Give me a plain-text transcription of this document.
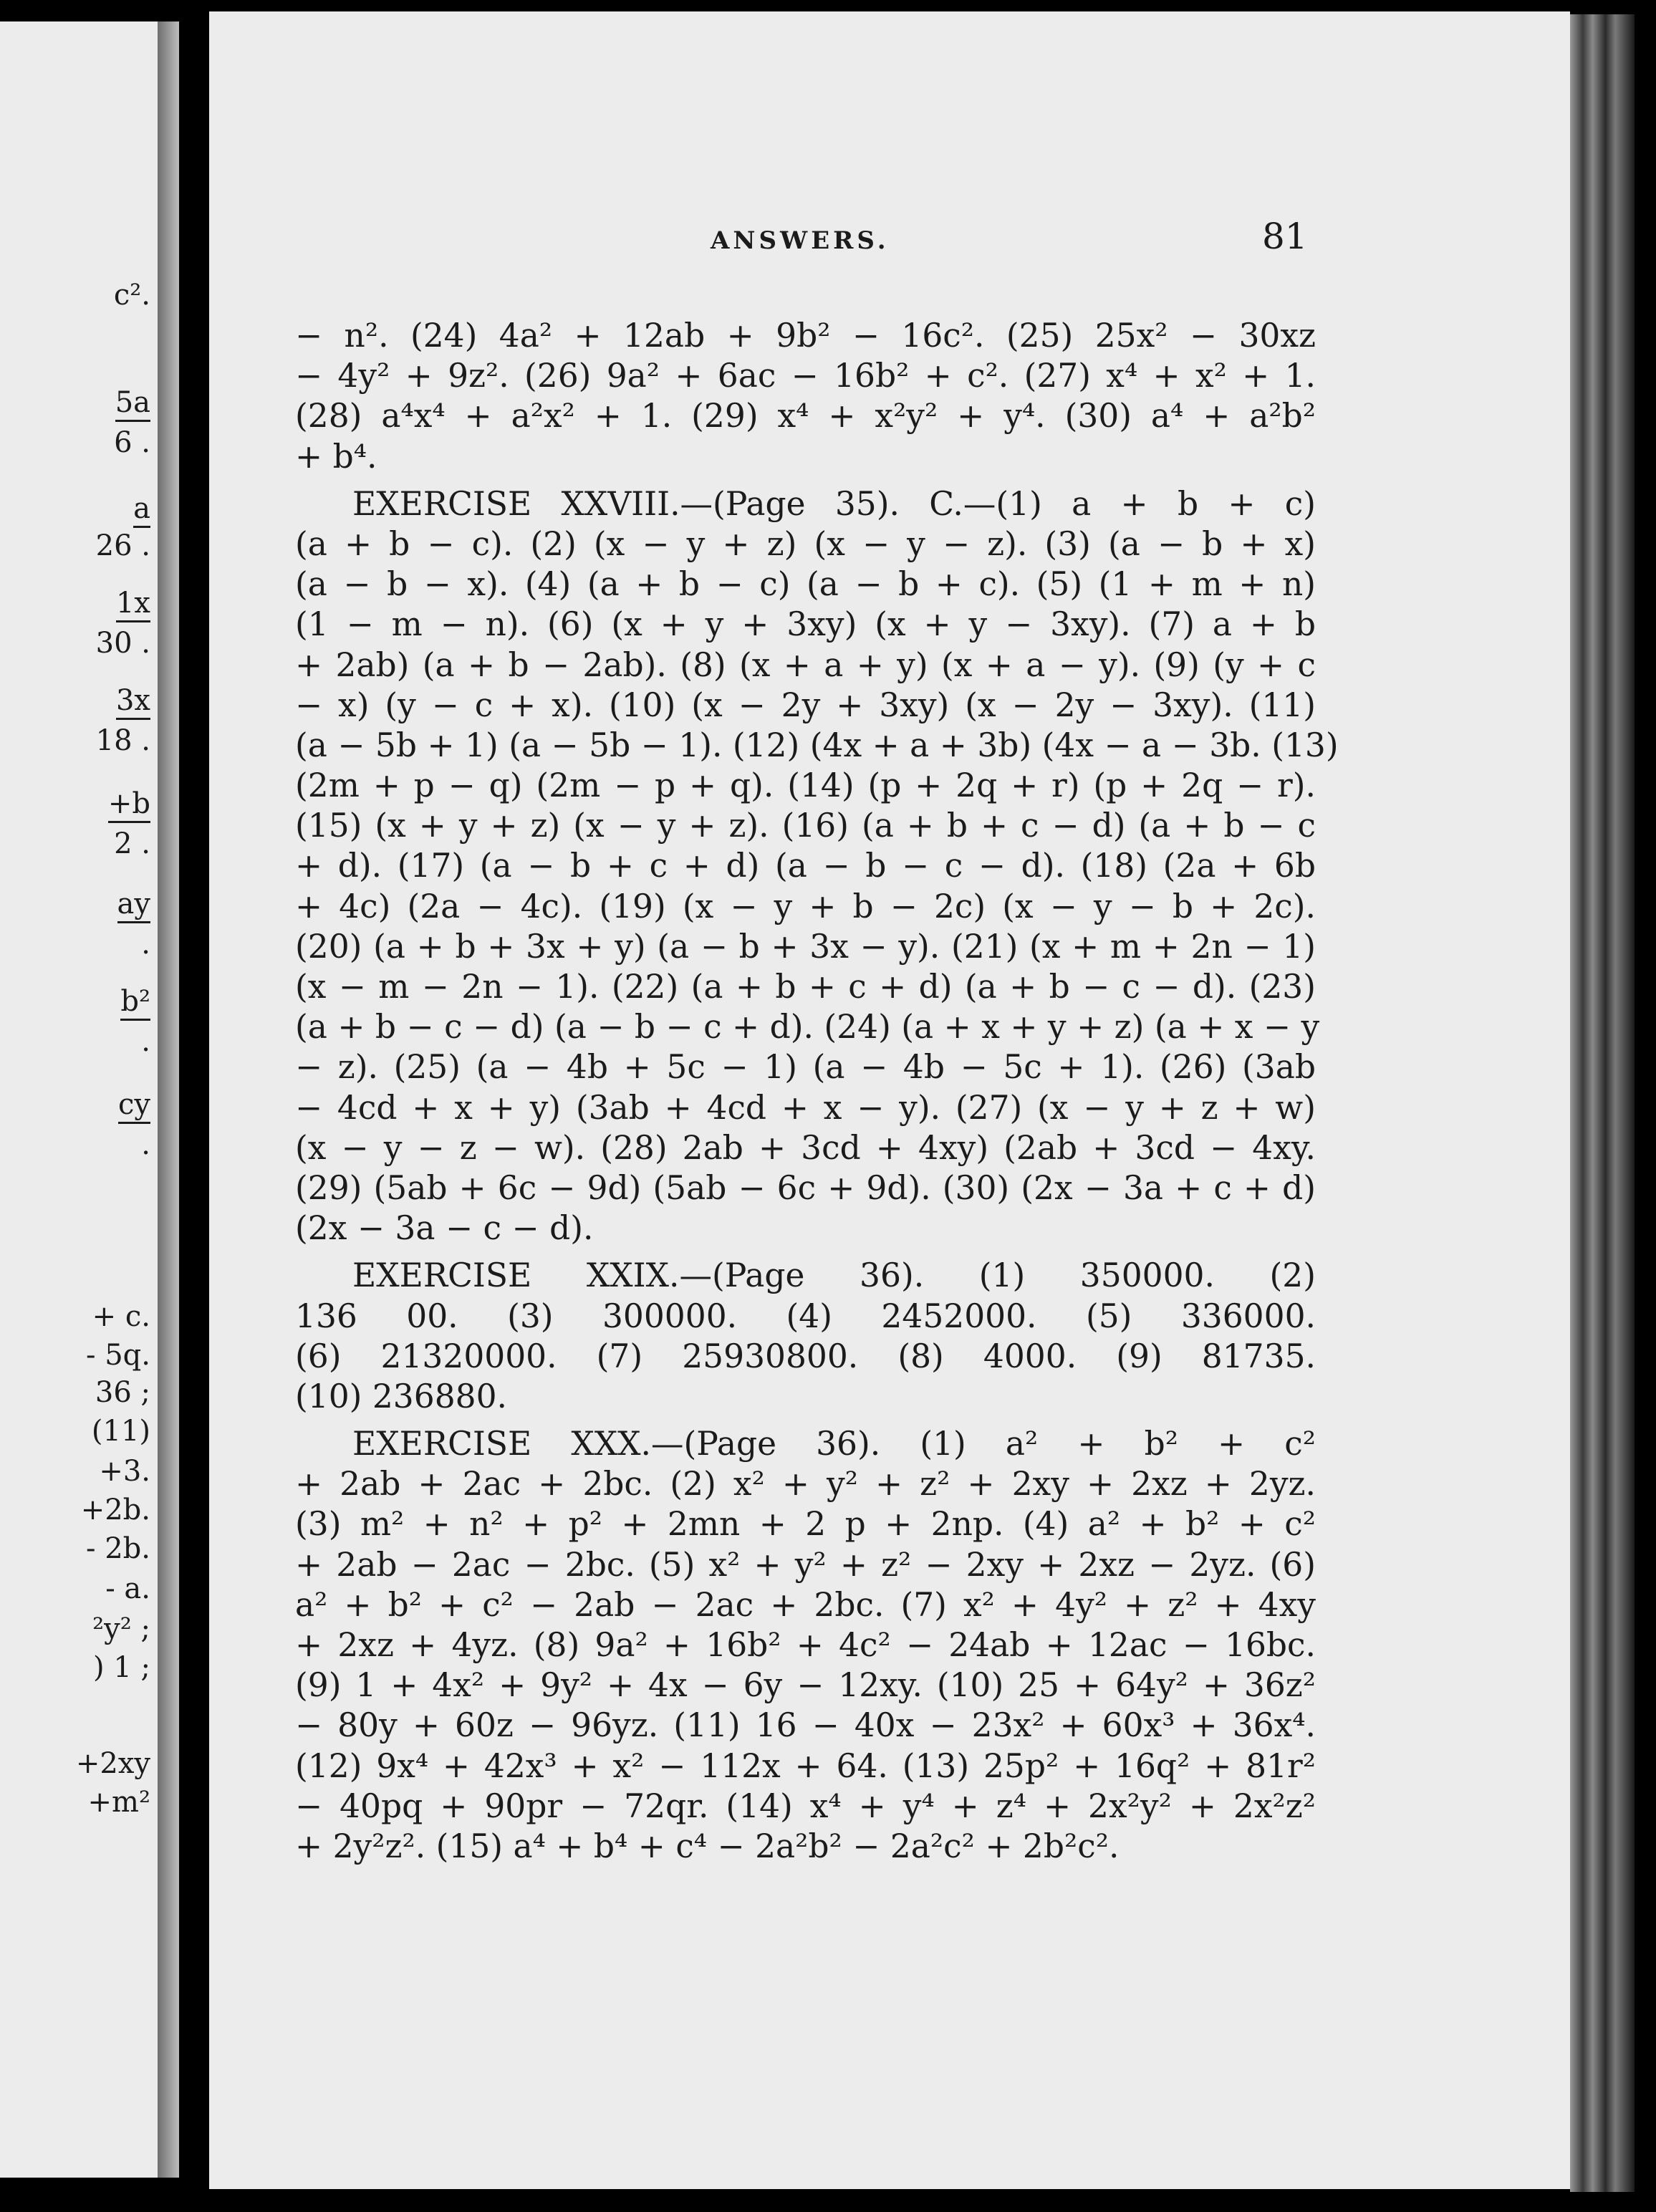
c².
5a
6 .
a
26 .
1x
30 .
3x
18 .
+b
2 .
ay
.
b²
.
cy
.
+ c.
- 5q.
36 ;
(11)
+3.
+2b.
- 2b.
- a.
²y² ;
) 1 ;
+2xy
+m²
ANSWERS.	81
− n². (24) 4a² + 12ab + 9b² − 16c². (25) 25x² − 30xz
− 4y² + 9z². (26) 9a² + 6ac − 16b² + c². (27) x⁴ + x² + 1.
(28) a⁴x⁴ + a²x² + 1. (29) x⁴ + x²y² + y⁴. (30) a⁴ + a²b²
+ b⁴.
EXERCISE XXVIII.—(Page 35). C.—(1) a + b + c)
(a + b − c). (2) (x − y + z) (x − y − z). (3) (a − b + x)
(a − b − x). (4) (a + b − c) (a − b + c). (5) (1 + m + n)
(1 − m − n). (6) (x + y + 3xy) (x + y − 3xy). (7) a + b
+ 2ab) (a + b − 2ab). (8) (x + a + y) (x + a − y). (9) (y + c
− x) (y − c + x). (10) (x − 2y + 3xy) (x − 2y − 3xy). (11)
(a − 5b + 1) (a − 5b − 1). (12) (4x + a + 3b) (4x − a − 3b. (13)
(2m + p − q) (2m − p + q). (14) (p + 2q + r) (p + 2q − r).
(15) (x + y + z) (x − y + z). (16) (a + b + c − d) (a + b − c
+ d). (17) (a − b + c + d) (a − b − c − d). (18) (2a + 6b
+ 4c) (2a − 4c). (19) (x − y + b − 2c) (x − y − b + 2c).
(20) (a + b + 3x + y) (a − b + 3x − y). (21) (x + m + 2n − 1)
(x − m − 2n − 1). (22) (a + b + c + d) (a + b − c − d). (23)
(a + b − c − d) (a − b − c + d). (24) (a + x + y + z) (a + x − y
− z). (25) (a − 4b + 5c − 1) (a − 4b − 5c + 1). (26) (3ab
− 4cd + x + y) (3ab + 4cd + x − y). (27) (x − y + z + w)
(x − y − z − w). (28) 2ab + 3cd + 4xy) (2ab + 3cd − 4xy.
(29) (5ab + 6c − 9d) (5ab − 6c + 9d). (30) (2x − 3a + c + d)
(2x − 3a − c − d).
EXERCISE XXIX.—(Page 36). (1) 350000. (2)
136 00. (3) 300000. (4) 2452000. (5) 336000.
(6) 21320000. (7) 25930800. (8) 4000. (9) 81735.
(10) 236880.
EXERCISE XXX.—(Page 36). (1) a² + b² + c²
+ 2ab + 2ac + 2bc. (2) x² + y² + z² + 2xy + 2xz + 2yz.
(3) m² + n² + p² + 2mn + 2 p + 2np. (4) a² + b² + c²
+ 2ab − 2ac − 2bc. (5) x² + y² + z² − 2xy + 2xz − 2yz. (6)
a² + b² + c² − 2ab − 2ac + 2bc. (7) x² + 4y² + z² + 4xy
+ 2xz + 4yz. (8) 9a² + 16b² + 4c² − 24ab + 12ac − 16bc.
(9) 1 + 4x² + 9y² + 4x − 6y − 12xy. (10) 25 + 64y² + 36z²
− 80y + 60z − 96yz. (11) 16 − 40x − 23x² + 60x³ + 36x⁴.
(12) 9x⁴ + 42x³ + x² − 112x + 64. (13) 25p² + 16q² + 81r²
− 40pq + 90pr − 72qr. (14) x⁴ + y⁴ + z⁴ + 2x²y² + 2x²z²
+ 2y²z². (15) a⁴ + b⁴ + c⁴ − 2a²b² − 2a²c² + 2b²c².
